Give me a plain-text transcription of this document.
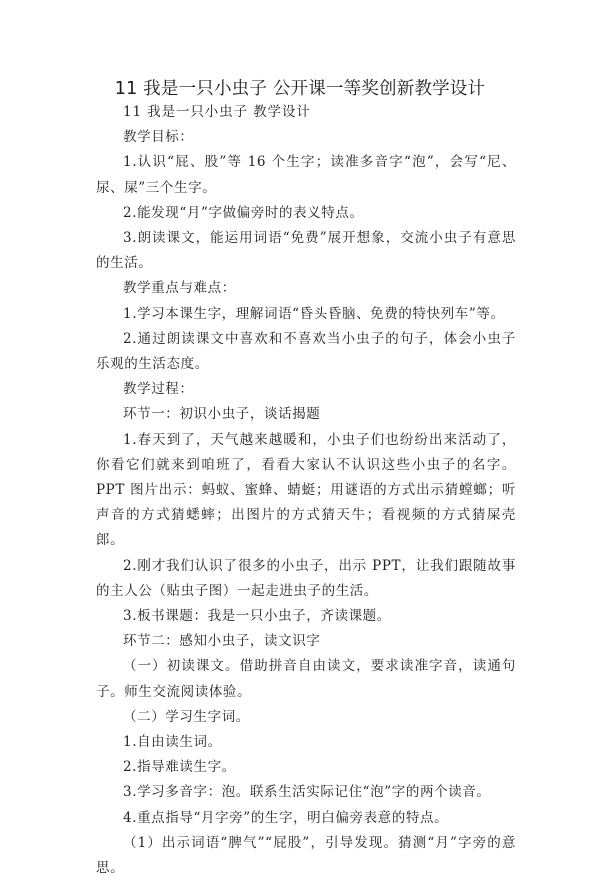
11 我是一只小虫子 公开课一等奖创新教学设计

11 我是一只小虫子 教学设计

教学目标：

1.认识“屁、股”等 16 个生字；读准多音字“泡”，会写“尼、尿、屎”三个生字。

2.能发现“月”字做偏旁时的表义特点。

3.朗读课文，能运用词语“免费”展开想象，交流小虫子有意思的生活。

教学重点与难点：

1.学习本课生字，理解词语“昏头昏脑、免费的特快列车”等。

2.通过朗读课文中喜欢和不喜欢当小虫子的句子，体会小虫子乐观的生活态度。

教学过程：

环节一：初识小虫子，谈话揭题

1.春天到了，天气越来越暖和，小虫子们也纷纷出来活动了，你看它们就来到咱班了，看看大家认不认识这些小虫子的名字。PPT 图片出示：蚂蚁、蜜蜂、蜻蜓；用谜语的方式出示猜螳螂；听声音的方式猜蟋蟀；出图片的方式猜天牛；看视频的方式猜屎壳郎。

2.刚才我们认识了很多的小虫子，出示 PPT，让我们跟随故事的主人公（贴虫子图）一起走进虫子的生活。

3.板书课题：我是一只小虫子，齐读课题。

环节二：感知小虫子，读文识字

（一）初读课文。借助拼音自由读文，要求读准字音，读通句子。师生交流阅读体验。

（二）学习生字词。

1.自由读生词。

2.指导难读生字。

3.学习多音字：泡。联系生活实际记住“泡”字的两个读音。

4.重点指导“月字旁”的生字，明白偏旁表意的特点。

（1）出示词语“脾气”“屁股”，引导发现。猜测“月”字旁的意思。
